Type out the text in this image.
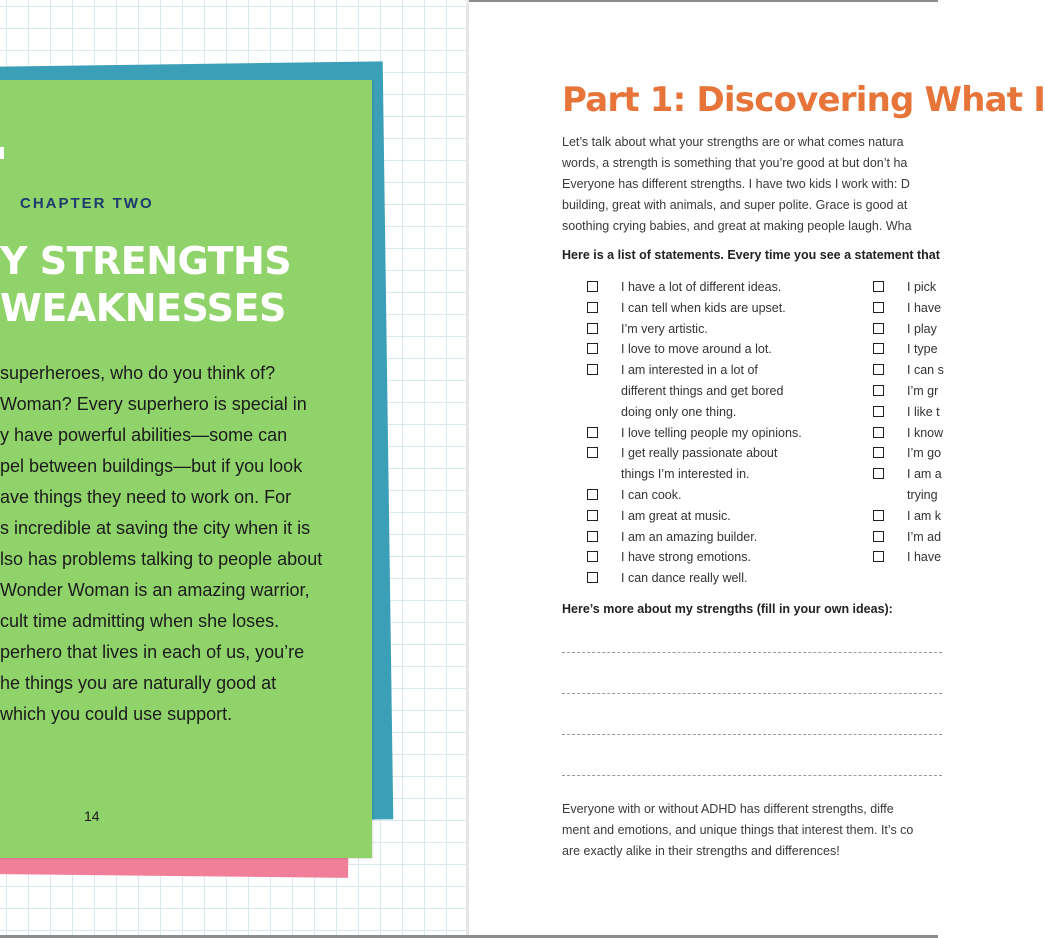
CHAPTER TWO
Y STRENGTHS
WEAKNESSES
superheroes, who do you think of?
Woman? Every superhero is special in
y have powerful abilities—some can
pel between buildings—but if you look
ave things they need to work on. For
s incredible at saving the city when it is
lso has problems talking to people about
Wonder Woman is an amazing warrior,
cult time admitting when she loses.
perhero that lives in each of us, you’re
he things you are naturally good at
which you could use support.
14
Part 1: Discovering What I
Let’s talk about what your strengths are or what comes natura
words, a strength is something that you’re good at but don’t ha
Everyone has different strengths. I have two kids I work with: D
building, great with animals, and super polite. Grace is good at
soothing crying babies, and great at making people laugh. Wha
Here is a list of statements. Every time you see a statement that
I have a lot of different ideas.
I can tell when kids are upset.
I’m very artistic.
I love to move around a lot.
I am interested in a lot of
different things and get bored
doing only one thing.
I love telling people my opinions.
I get really passionate about
things I’m interested in.
I can cook.
I am great at music.
I am an amazing builder.
I have strong emotions.
I can dance really well.
I pick
I have
I play
I type
I can s
I’m gr
I like t
I know
I’m go
I am a
trying
I am k
I’m ad
I have
Here’s more about my strengths (fill in your own ideas):
Everyone with or without ADHD has different strengths, diffe
ment and emotions, and unique things that interest them. It’s co
are exactly alike in their strengths and differences!
